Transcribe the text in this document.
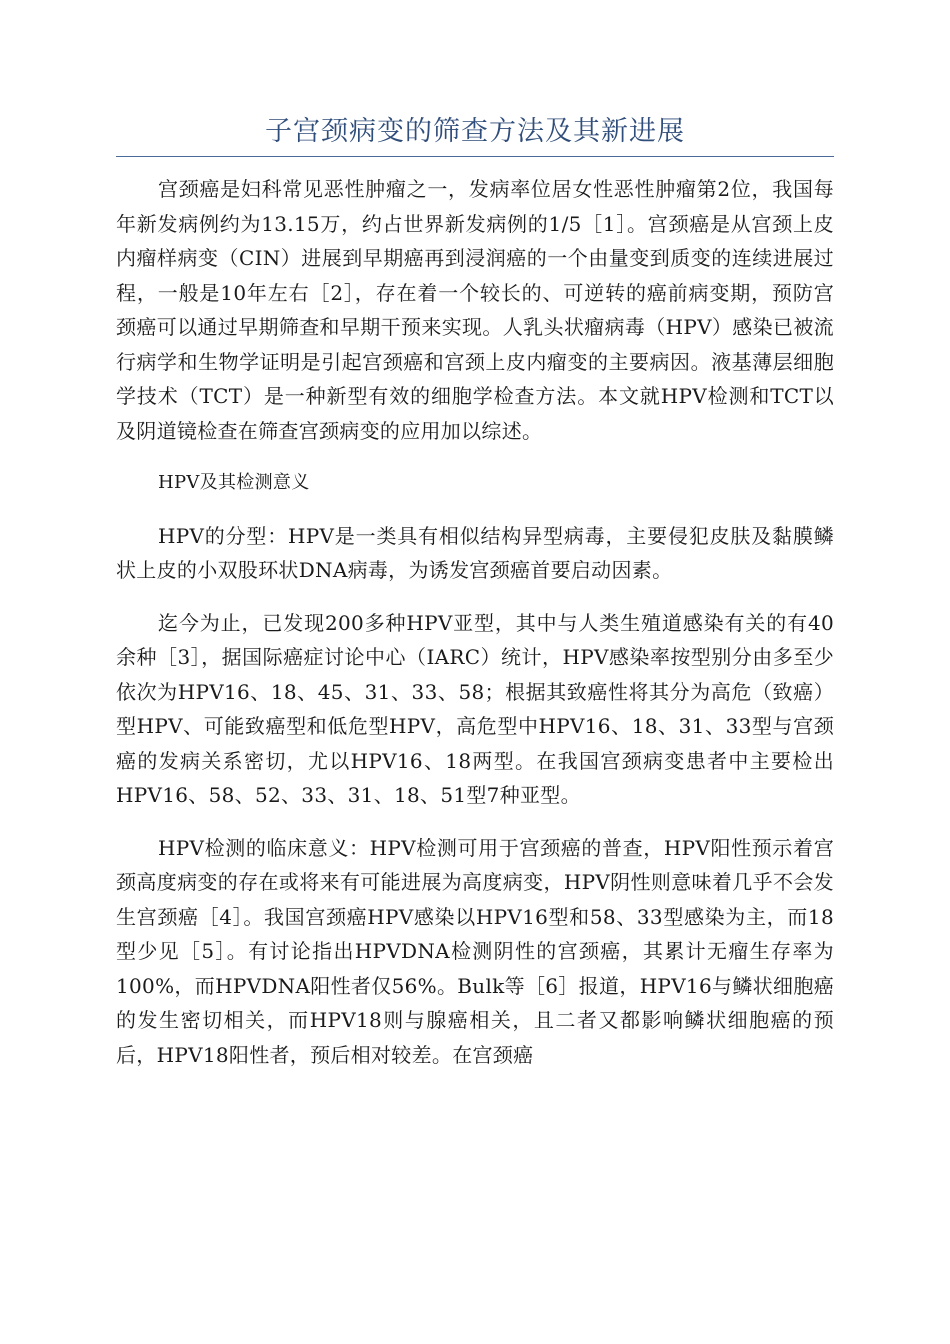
子宫颈病变的筛查方法及其新进展

宫颈癌是妇科常见恶性肿瘤之一，发病率位居女性恶性肿瘤第2位，我国每年新发病例约为13.15万，约占世界新发病例的1/5［1］。宫颈癌是从宫颈上皮内瘤样病变（CIN）进展到早期癌再到浸润癌的一个由量变到质变的连续进展过程，一般是10年左右［2］，存在着一个较长的、可逆转的癌前病变期，预防宫颈癌可以通过早期筛查和早期干预来实现。人乳头状瘤病毒（HPV）感染已被流行病学和生物学证明是引起宫颈癌和宫颈上皮内瘤变的主要病因。液基薄层细胞学技术（TCT）是一种新型有效的细胞学检查方法。本文就HPV检测和TCT以及阴道镜检查在筛查宫颈病变的应用加以综述。

HPV及其检测意义

HPV的分型：HPV是一类具有相似结构异型病毒，主要侵犯皮肤及黏膜鳞状上皮的小双股环状DNA病毒，为诱发宫颈癌首要启动因素。

迄今为止，已发现200多种HPV亚型，其中与人类生殖道感染有关的有40余种［3］，据国际癌症讨论中心（IARC）统计，HPV感染率按型别分由多至少依次为HPV16、18、45、31、33、58；根据其致癌性将其分为高危（致癌）型HPV、可能致癌型和低危型HPV，高危型中HPV16、18、31、33型与宫颈癌的发病关系密切，尤以HPV16、18两型。在我国宫颈病变患者中主要检出HPV16、58、52、33、31、18、51型7种亚型。

HPV检测的临床意义：HPV检测可用于宫颈癌的普查，HPV阳性预示着宫颈高度病变的存在或将来有可能进展为高度病变，HPV阴性则意味着几乎不会发生宫颈癌［4］。我国宫颈癌HPV感染以HPV16型和58、33型感染为主，而18型少见［5］。有讨论指出HPVDNA检测阴性的宫颈癌，其累计无瘤生存率为100%，而HPVDNA阳性者仅56%。Bulk等［6］报道，HPV16与鳞状细胞癌的发生密切相关，而HPV18则与腺癌相关，且二者又都影响鳞状细胞癌的预后，HPV18阳性者，预后相对较差。在宫颈癌
